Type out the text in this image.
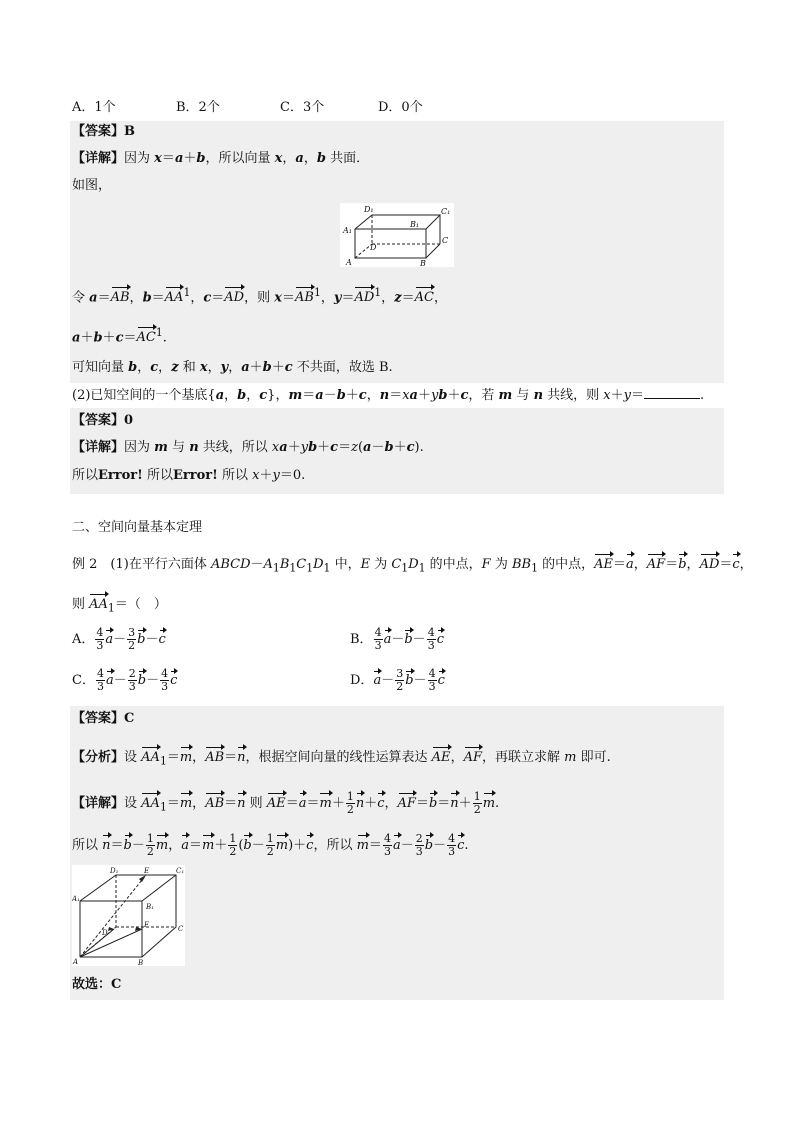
A．1个	B．2个	C．3个	D．0个
【答案】B
【详解】因为 x＝a＋b，所以向量 x，a，b 共面．
如图，
D₁	C₁
B₁
A₁
D
C
A	B
令 a＝AB，$b=AA^1$，c＝AD，则 $x=AB^1$，$y=AD^1$，z＝AC，
$a+b+c=AC^1$.
可知向量 b，c，z 和 x，y，a＋b＋c 不共面，故选 B.
(2)已知空间的一个基底{a，b，c}，m＝a－b＋c，n＝xa＋yb＋c，若 m 与 n 共线，则 x＋y＝	.
【答案】0
【详解】因为 m 与 n 共线，所以 xa＋yb＋c＝z(a－b＋c).
所以Error! 所以Error! 所以 x＋y＝0.
二、空间向量基本定理
例 2　(1)在平行六面体 $ABCD-A_1B_1C_1D_1$ 中，E 为 $C_1D_1$ 的中点，F 为 $BB_1$ 的中点，AE＝a，AF＝b，AD＝c，
则 $AA_1=$（　）
A． $\frac{4}{3} a- \frac{3}{2} b-c$	B． $\frac{4}{3} a-b- \frac{4}{3}$ c
C． $\frac{4}{3} a- \frac{2}{3} b- \frac{4}{3}$ c	D．$a- \frac{3}{2} b- \frac{4}{3}$ c
【答案】C
【分析】设 $AA_1=m$，AB＝n，根据空间向量的线性运算表达 AE，AF，再联立求解 m 即可.
【详解】设 $AA_1=m$，AB＝n 则 $AE=a=m+ \frac{1}{2} n+c$，$AF=b=n+ \frac{1}{2} m$.
所以 $n=b- \frac{1}{2}$ m，$a=m+ \frac{1}{2} (b- \frac{1}{2} m)+c$，所以 $m= \frac{4}{3} a- \frac{2}{3} b- \frac{4}{3} c$.
D₁	E	C₁
A₁
F
B₁
D	C
A	B
故选：C
